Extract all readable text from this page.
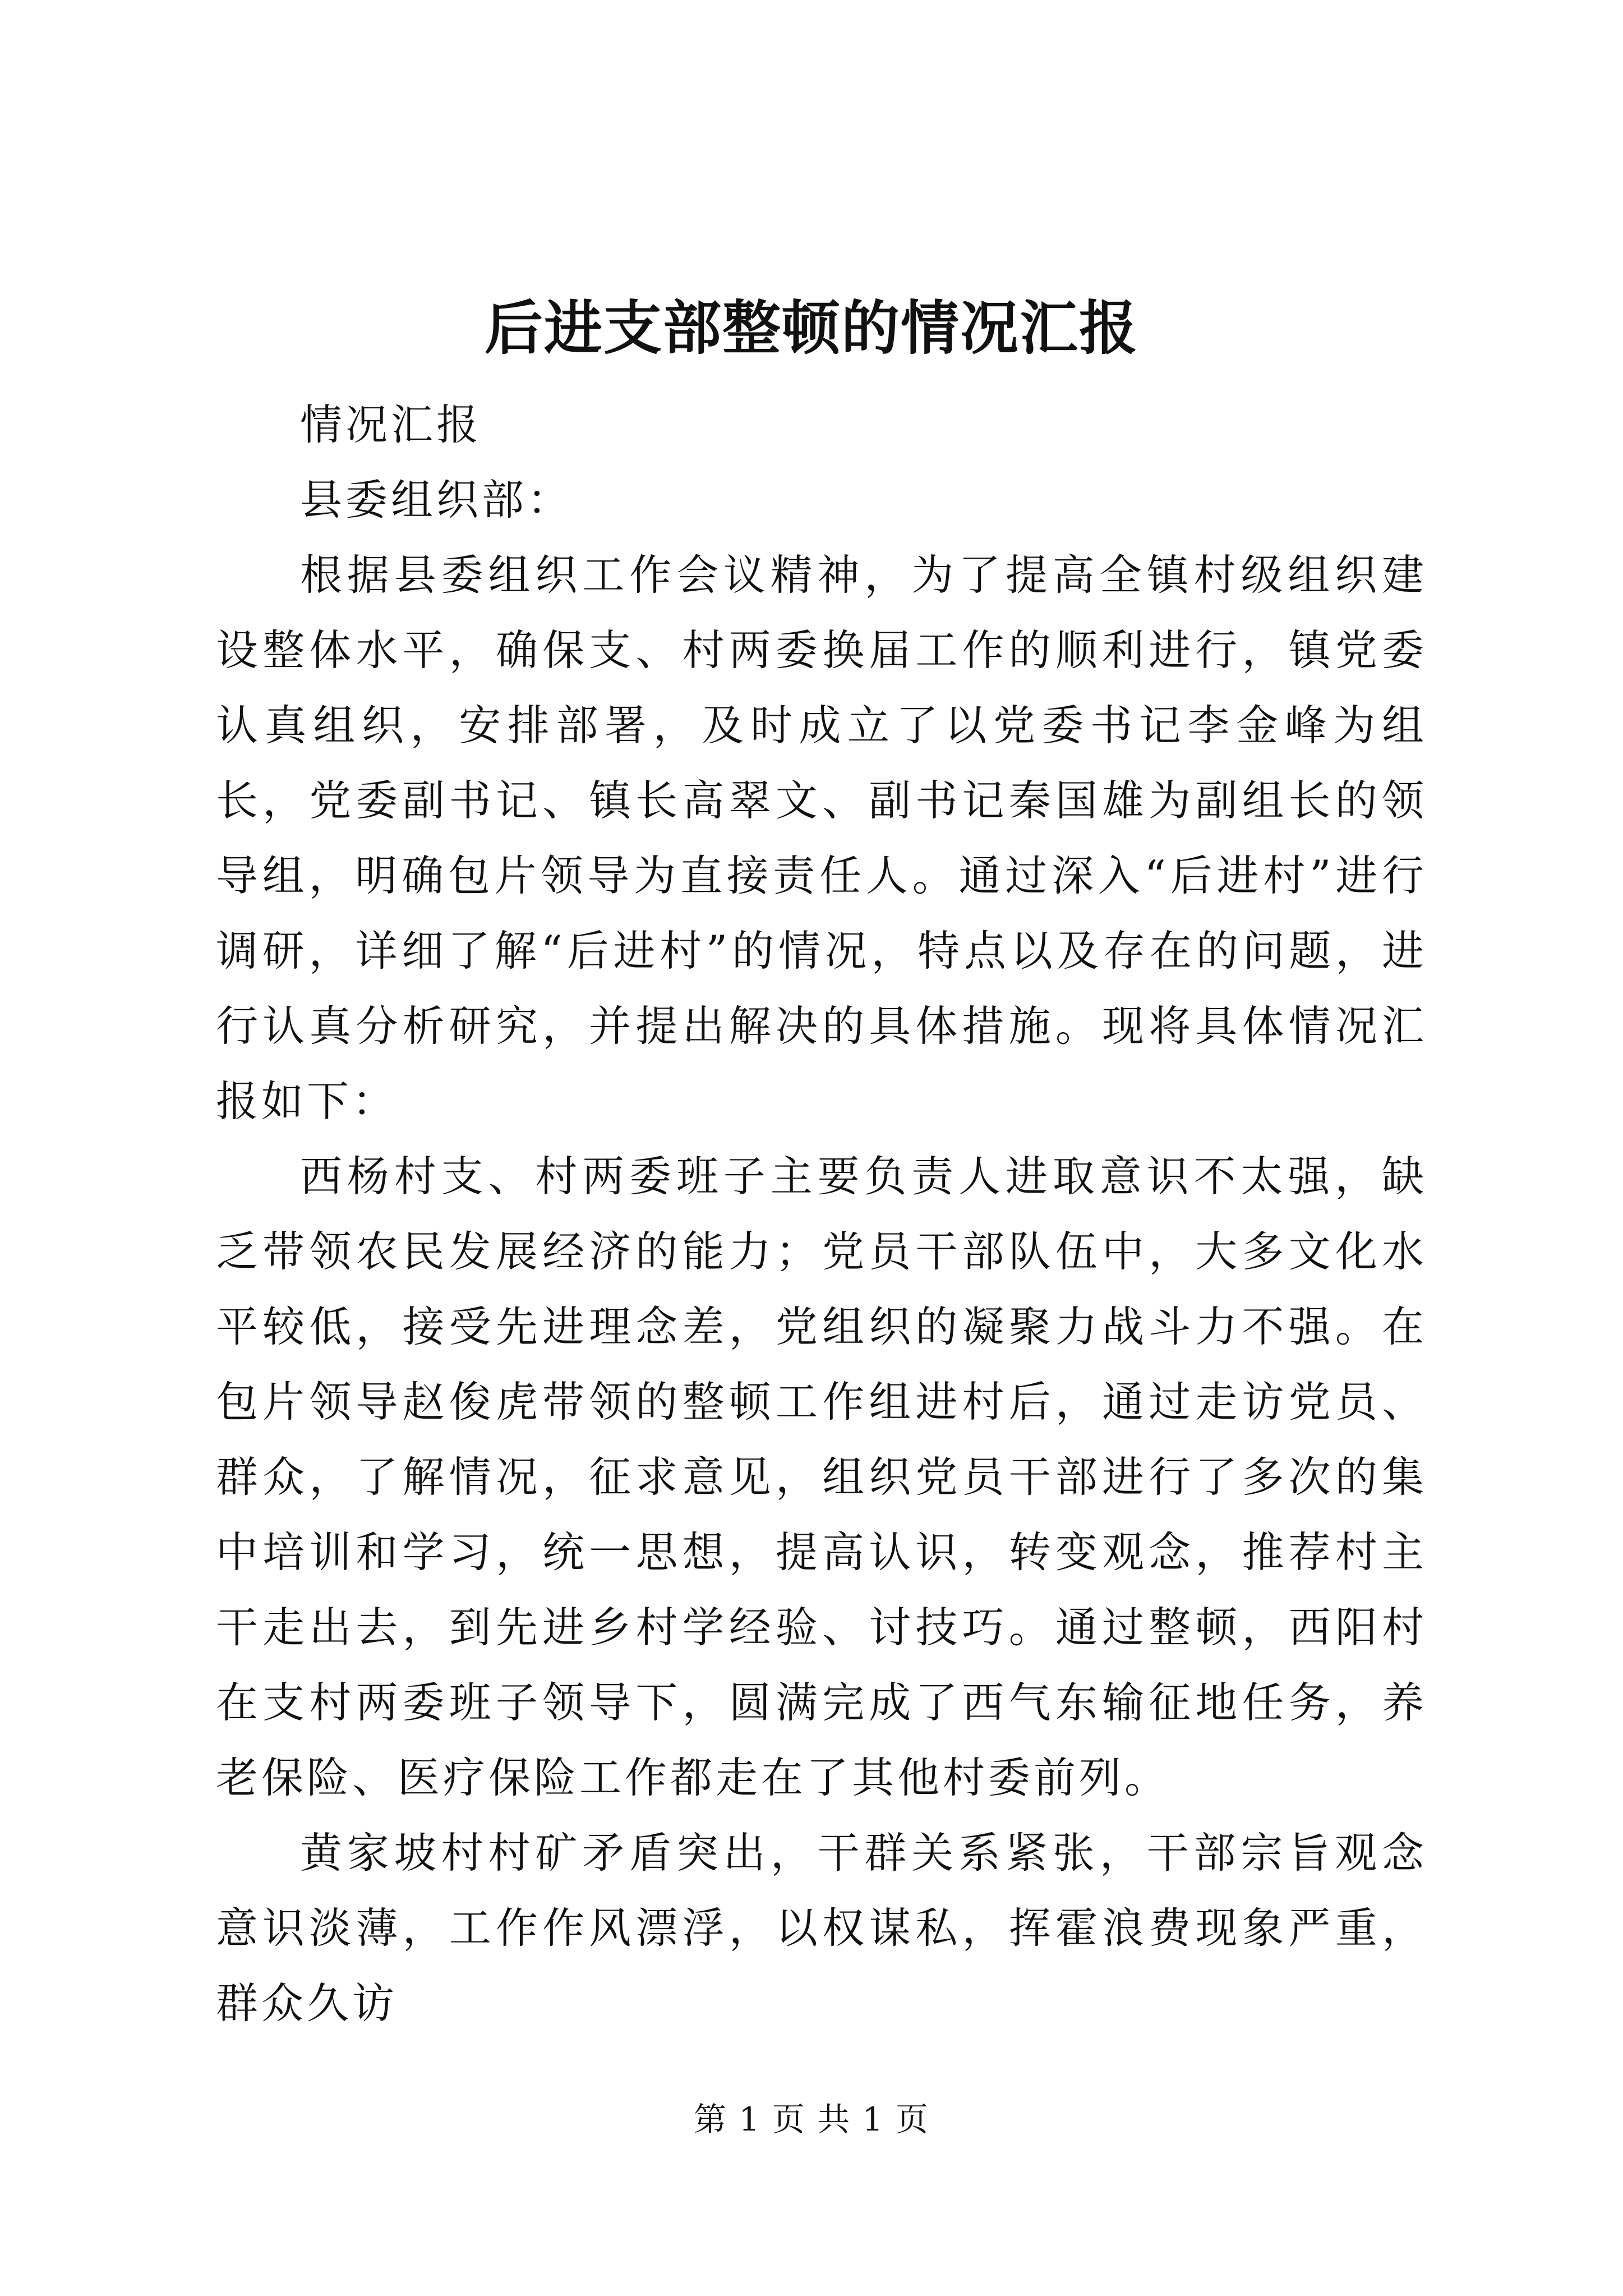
后进支部整顿的情况汇报

情况汇报

县委组织部：

根据县委组织工作会议精神，为了提高全镇村级组织建设整体水平，确保支、村两委换届工作的顺利进行，镇党委认真组织，安排部署，及时成立了以党委书记李金峰为组长，党委副书记、镇长高翠文、副书记秦国雄为副组长的领导组，明确包片领导为直接责任人。通过深入“后进村”进行调研，详细了解“后进村”的情况，特点以及存在的问题，进行认真分析研究，并提出解决的具体措施。现将具体情况汇报如下：

西杨村支、村两委班子主要负责人进取意识不太强，缺乏带领农民发展经济的能力；党员干部队伍中，大多文化水平较低，接受先进理念差，党组织的凝聚力战斗力不强。在包片领导赵俊虎带领的整顿工作组进村后，通过走访党员、群众，了解情况，征求意见，组织党员干部进行了多次的集中培训和学习，统一思想，提高认识，转变观念，推荐村主干走出去，到先进乡村学经验、讨技巧。通过整顿，西阳村在支村两委班子领导下，圆满完成了西气东输征地任务，养老保险、医疗保险工作都走在了其他村委前列。

黄家坡村村矿矛盾突出，干群关系紧张，干部宗旨观念意识淡薄，工作作风漂浮，以权谋私，挥霍浪费现象严重，群众久访

第 1 页 共 1 页
